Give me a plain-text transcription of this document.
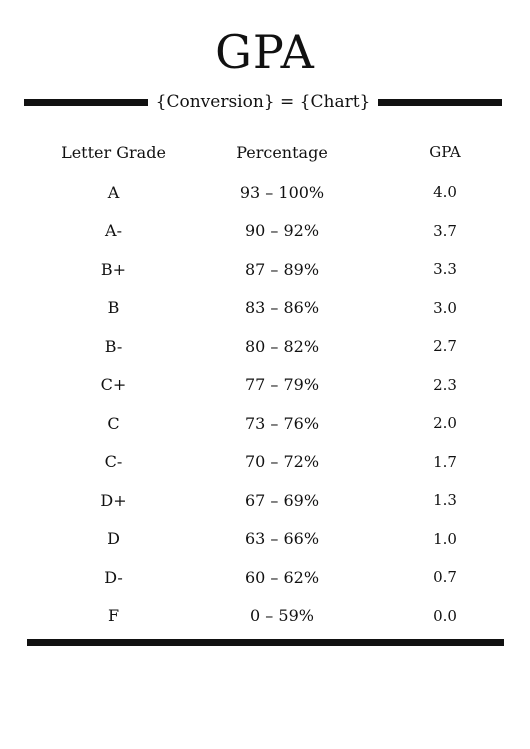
GPA
{Conversion} = {Chart}
Letter Grade	Percentage	GPA
A	93 – 100%	4.0
A-	90 – 92%	3.7
B+	87 – 89%	3.3
B	83 – 86%	3.0
B-	80 – 82%	2.7
C+	77 – 79%	2.3
C	73 – 76%	2.0
C-	70 – 72%	1.7
D+	67 – 69%	1.3
D	63 – 66%	1.0
D-	60 – 62%	0.7
F	0 – 59%	0.0
